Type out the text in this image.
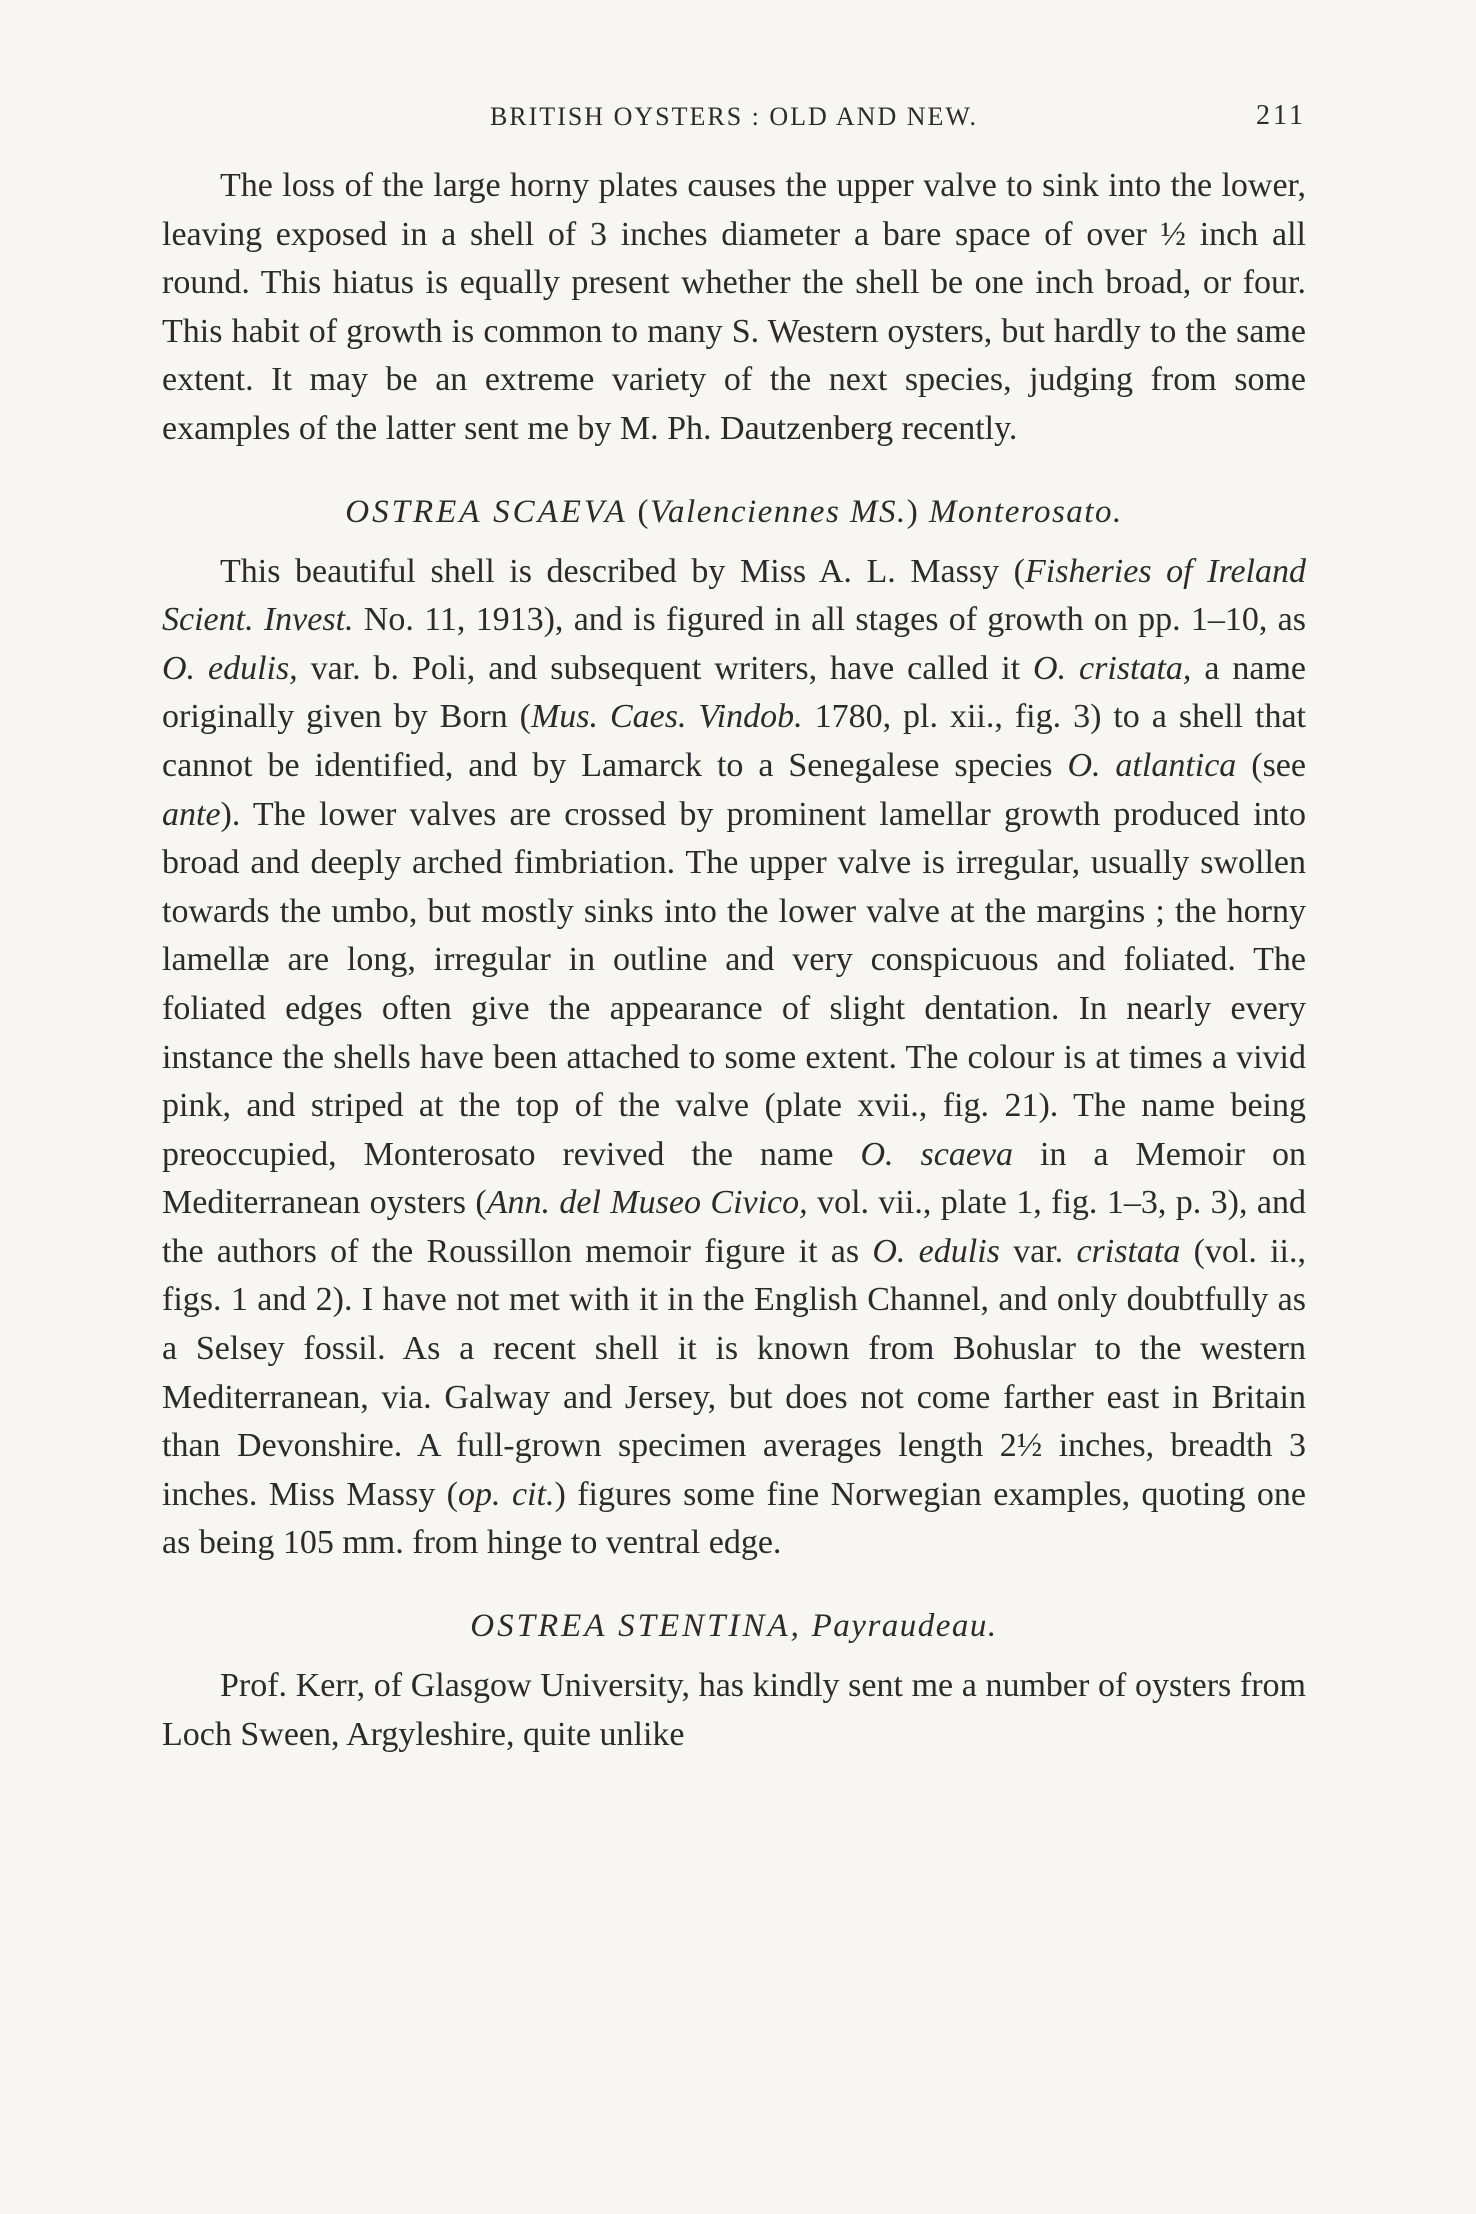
BRITISH OYSTERS : OLD AND NEW.	211

The loss of the large horny plates causes the upper valve to sink into the lower, leaving exposed in a shell of 3 inches diameter a bare space of over ½ inch all round. This hiatus is equally present whether the shell be one inch broad, or four. This habit of growth is common to many S. Western oysters, but hardly to the same extent. It may be an extreme variety of the next species, judging from some examples of the latter sent me by M. Ph. Dautzenberg recently.

OSTREA SCAEVA (Valenciennes MS.) Monterosato.

This beautiful shell is described by Miss A. L. Massy (Fisheries of Ireland Scient. Invest. No. 11, 1913), and is figured in all stages of growth on pp. 1–10, as O. edulis, var. b. Poli, and subsequent writers, have called it O. cristata, a name originally given by Born (Mus. Caes. Vindob. 1780, pl. xii., fig. 3) to a shell that cannot be identified, and by Lamarck to a Senegalese species O. atlantica (see ante). The lower valves are crossed by prominent lamellar growth produced into broad and deeply arched fimbriation. The upper valve is irregular, usually swollen towards the umbo, but mostly sinks into the lower valve at the margins ; the horny lamellæ are long, irregular in outline and very conspicuous and foliated. The foliated edges often give the appearance of slight dentation. In nearly every instance the shells have been attached to some extent. The colour is at times a vivid pink, and striped at the top of the valve (plate xvii., fig. 21). The name being preoccupied, Monterosato revived the name O. scaeva in a Memoir on Mediterranean oysters (Ann. del Museo Civico, vol. vii., plate 1, fig. 1–3, p. 3), and the authors of the Roussillon memoir figure it as O. edulis var. cristata (vol. ii., figs. 1 and 2). I have not met with it in the English Channel, and only doubtfully as a Selsey fossil. As a recent shell it is known from Bohuslar to the western Mediterranean, via. Galway and Jersey, but does not come farther east in Britain than Devonshire. A full-grown specimen averages length 2½ inches, breadth 3 inches. Miss Massy (op. cit.) figures some fine Norwegian examples, quoting one as being 105 mm. from hinge to ventral edge.

OSTREA STENTINA, Payraudeau.

Prof. Kerr, of Glasgow University, has kindly sent me a number of oysters from Loch Sween, Argyleshire, quite unlike
